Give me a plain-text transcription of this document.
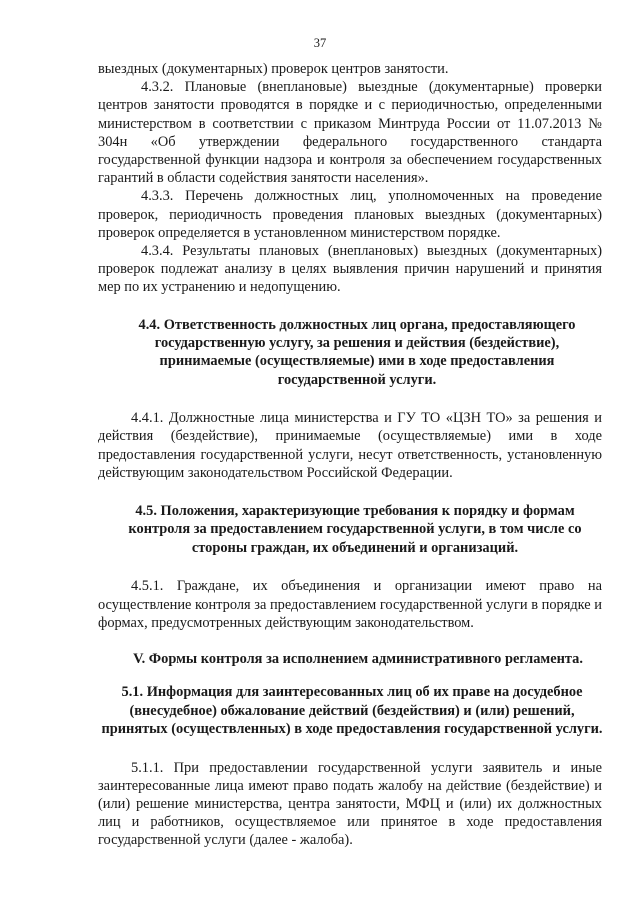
37

выездных (документарных) проверок центров занятости.

4.3.2. Плановые (внеплановые) выездные (документарные) проверки центров занятости проводятся в порядке и с периодичностью, определенными министерством в соответствии с приказом Минтруда России от 11.07.2013 № 304н «Об утверждении федерального государственного стандарта государственной функции надзора и контроля за обеспечением государственных гарантий в области содействия занятости населения».

4.3.3. Перечень должностных лиц, уполномоченных на проведение проверок, периодичность проведения плановых выездных (документарных) проверок определяется в установленном министерством порядке.

4.3.4. Результаты плановых (внеплановых) выездных (документарных) проверок подлежат анализу в целях выявления причин нарушений и принятия мер по их устранению и недопущению.

4.4. Ответственность должностных лиц органа, предоставляющего государственную услугу, за решения и действия (бездействие), принимаемые (осуществляемые) ими в ходе предоставления государственной услуги.

4.4.1. Должностные лица министерства и ГУ ТО «ЦЗН ТО» за решения и действия (бездействие), принимаемые (осуществляемые) ими в ходе предоставления государственной услуги, несут ответственность, установленную действующим законодательством Российской Федерации.

4.5. Положения, характеризующие требования к порядку и формам контроля за предоставлением государственной услуги, в том числе со стороны граждан, их объединений и организаций.

4.5.1. Граждане, их объединения и организации имеют право на осуществление контроля за предоставлением государственной услуги в порядке и формах, предусмотренных действующим законодательством.

V. Формы контроля за исполнением административного регламента.
5.1. Информация для заинтересованных лиц об их праве на досудебное (внесудебное) обжалование действий (бездействия) и (или) решений, принятых (осуществленных) в ходе предоставления государственной услуги.

5.1.1. При предоставлении государственной услуги заявитель и иные заинтересованные лица имеют право подать жалобу на действие (бездействие) и (или) решение министерства, центра занятости, МФЦ и (или) их должностных лиц и работников, осуществляемое или принятое в ходе предоставления государственной услуги (далее - жалоба).
